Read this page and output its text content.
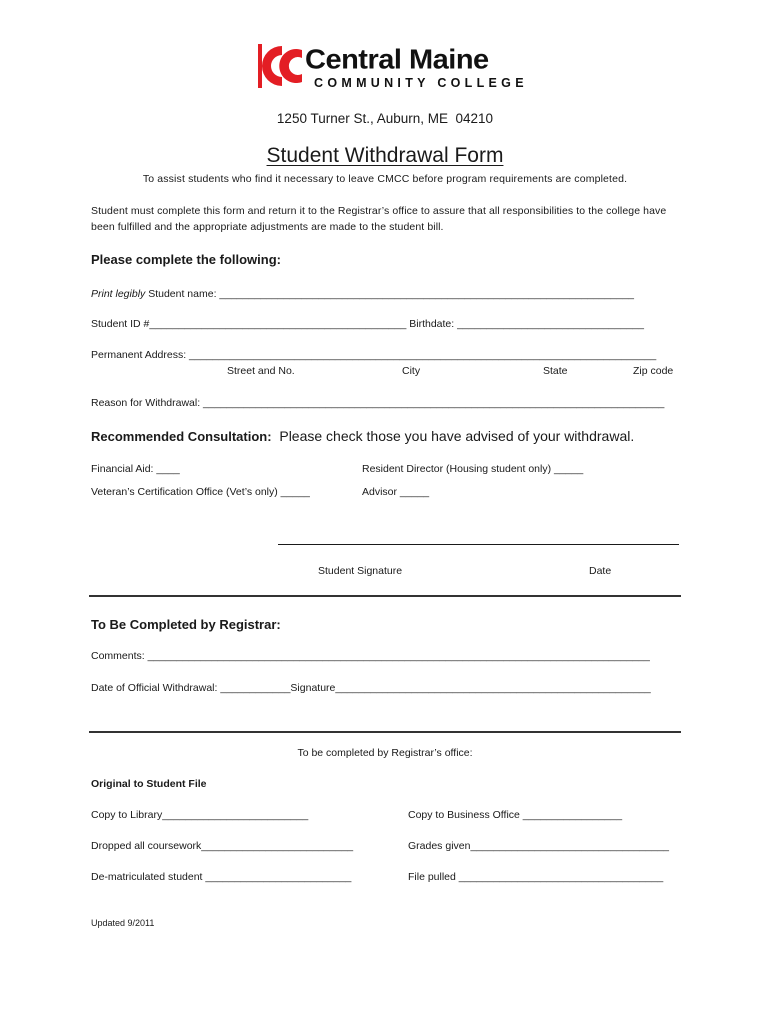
Central Maine
COMMUNITY COLLEGE
1250 Turner St., Auburn, ME  04210
Student Withdrawal Form
To assist students who find it necessary to leave CMCC before program requirements are completed.
Student must complete this form and return it to the Registrar’s office to assure that all responsibilities to the college have been fulfilled and the appropriate adjustments are made to the student bill.
Please complete the following:
Print legibly Student name: _______________________________________________________________________
Student ID #____________________________________________ Birthdate: ________________________________
Permanent Address: ________________________________________________________________________________
Street and No.	City	State	Zip code
Reason for Withdrawal: _______________________________________________________________________________
Recommended Consultation:  Please check those you have advised of your withdrawal.
Financial Aid: ____	Resident Director (Housing student only) _____
Veteran’s Certification Office (Vet’s only) _____	Advisor _____
Student Signature	Date
To Be Completed by Registrar:
Comments: ______________________________________________________________________________________
Date of Official Withdrawal: ____________Signature______________________________________________________
To be completed by Registrar’s office:
Original to Student File
Copy to Library_________________________	Copy to Business Office _________________
Dropped all coursework__________________________	Grades given__________________________________
De-matriculated student _________________________	File pulled ___________________________________
Updated 9/2011
